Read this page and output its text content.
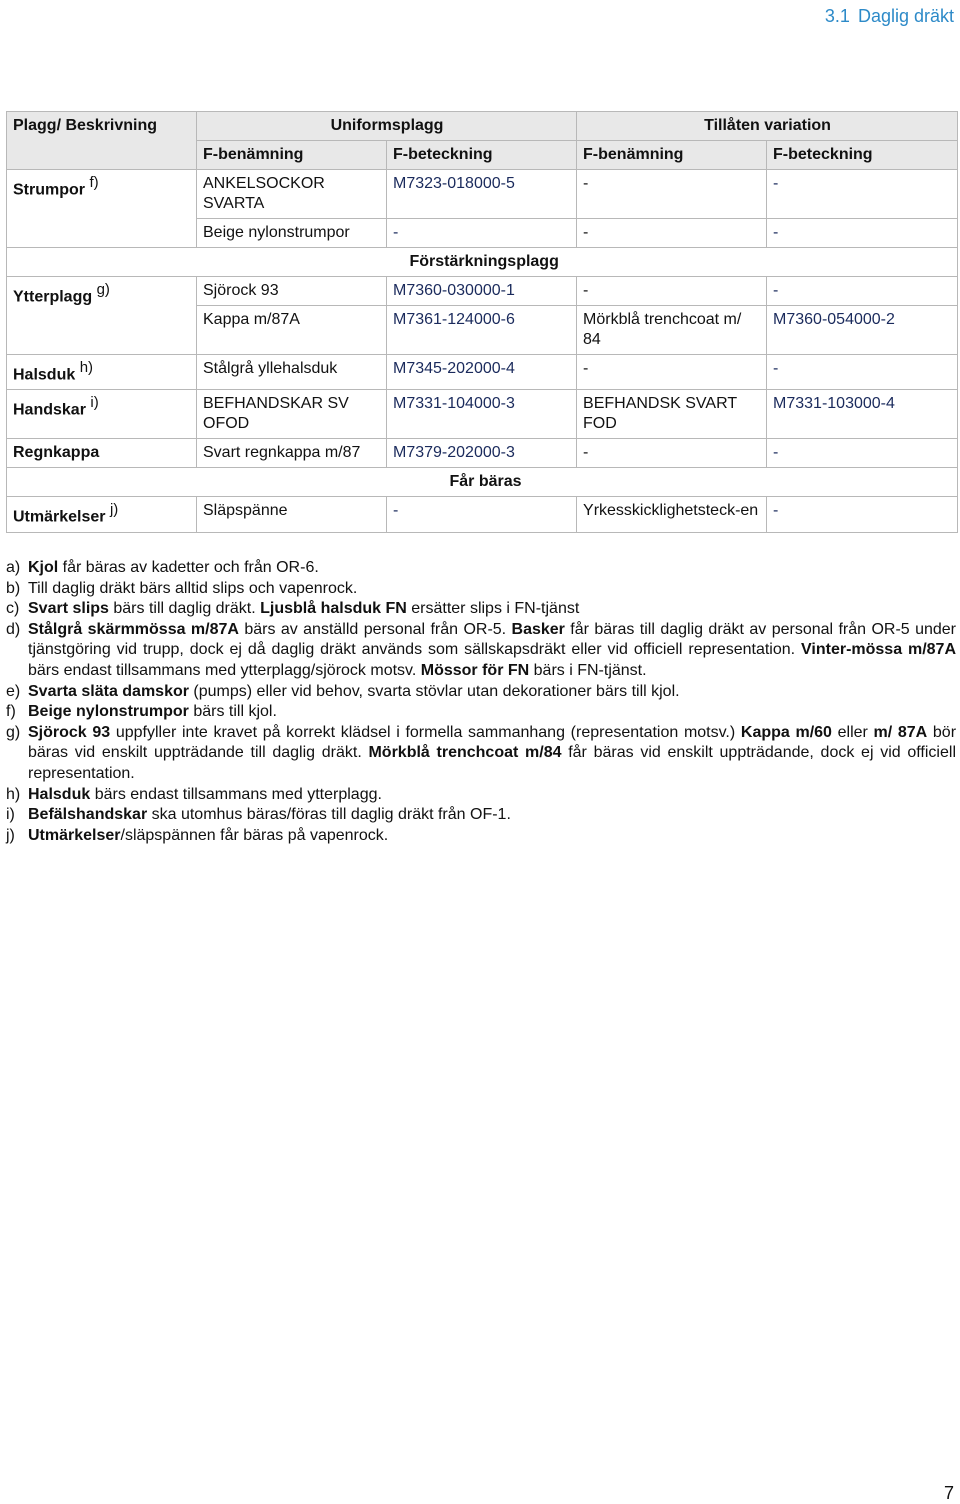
3.1 Daglig dräkt
Plagg/ Beskrivning	Uniformsplagg		Tillåten variation	
	F-benämning	F-beteckning	F-benämning	F-beteckning
Strumpor $^{f)}$	ANKELSOCKOR SVARTA	M7323-018000-5	-	-
	Beige nylonstrumpor	-	-	-
	Förstärkningsplagg			
Ytterplagg $^{g)}$	Sjörock 93	M7360-030000-1	-	-
	Kappa m/87A	M7361-124000-6	Mörkblå trenchcoat m/ 84	M7360-054000-2
Halsduk $^{h)}$	Stålgrå yllehalsduk	M7345-202000-4	-	-
Handskar $^{i)}$	BEFHANDSKAR SV OFOD	M7331-104000-3	BEFHANDSK SVART FOD	M7331-103000-4
Regnkappa	Svart regnkappa m/87	M7379-202000-3	-	-
	Får bäras			
Utmärkelser $^{j)}$	Släpspänne	-	Yrkesskicklighetsteck-en	-
a) Kjol får bäras av kadetter och från OR-6.
b) Till daglig dräkt bärs alltid slips och vapenrock.
c) Svart slips bärs till daglig dräkt. Ljusblå halsduk FN ersätter slips i FN-tjänst
d) Stålgrå skärmmössa m/87A bärs av anställd personal från OR-5. Basker får bäras till daglig dräkt av personal från OR-5 under tjänstgöring vid trupp, dock ej då daglig dräkt används som sällskapsdräkt eller vid officiell representation. Vinter-mössa m/87A bärs endast tillsammans med ytterplagg/sjörock motsv. Mössor för FN bärs i FN-tjänst.
e) Svarta släta damskor (pumps) eller vid behov, svarta stövlar utan dekorationer bärs till kjol.
f) Beige nylonstrumpor bärs till kjol.
g) Sjörock 93 uppfyller inte kravet på korrekt klädsel i formella sammanhang (representation motsv.) Kappa m/60 eller m/ 87A bör bäras vid enskilt uppträdande till daglig dräkt. Mörkblå trenchcoat m/84 får bäras vid enskilt uppträdande, dock ej vid officiell representation.
h) Halsduk bärs endast tillsammans med ytterplagg.
i) Befälshandskar ska utomhus bäras/föras till daglig dräkt från OF-1.
j) Utmärkelser/släpspännen får bäras på vapenrock.
7
